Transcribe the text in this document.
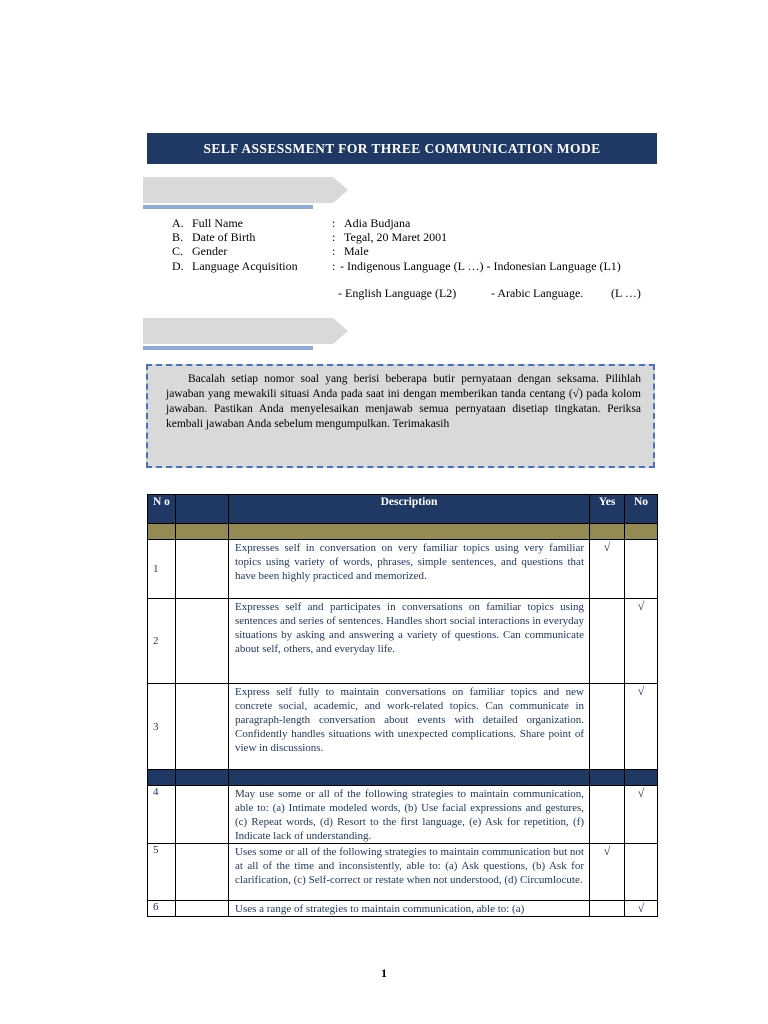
SELF ASSESSMENT FOR THREE COMMUNICATION MODE
A. Full Name	: Adia Budjana
B. Date of Birth	: Tegal, 20 Maret 2001
C. Gender	: Male
D. Language Acquisition	: - Indigenous Language (L …) - Indonesian Language (L1)
- English Language (L2)	- Arabic Language. (L …)
Bacalah setiap nomor soal yang berisi beberapa butir pernyataan dengan seksama. Pilihlah jawaban yang mewakili situasi Anda pada saat ini dengan memberikan tanda centang (√) pada kolom jawaban. Pastikan Anda menyelesaikan menjawab semua pernyataan disetiap tingkatan. Periksa kembali jawaban Anda sebelum mengumpulkan. Terimakasih
N o		Description	Yes	No

1		Expresses self in conversation on very familiar topics using very familiar topics using variety of words, phrases, simple sentences, and questions that have been highly practiced and memorized.	√	
2		Expresses self and participates in conversations on familiar topics using sentences and series of sentences. Handles short social interactions in everyday situations by asking and answering a variety of questions. Can communicate about self, others, and everyday life.		√
3		Express self fully to maintain conversations on familiar topics and new concrete social, academic, and work-related topics. Can communicate in paragraph-length conversation about events with detailed organization. Confidently handles situations with unexpected complications. Share point of view in discussions.		√

4		May use some or all of the following strategies to maintain communication, able to: (a) Intimate modeled words, (b) Use facial expressions and gestures, (c) Repeat words, (d) Resort to the first language, (e) Ask for repetition, (f) Indicate lack of understanding.		√
5		Uses some or all of the following strategies to maintain communication but not at all of the time and inconsistently, able to: (a) Ask questions, (b) Ask for clarification, (c) Self-correct or restate when not understood, (d) Circumlocute.	√	
6		Uses a range of strategies to maintain communication, able to: (a)		√
1
